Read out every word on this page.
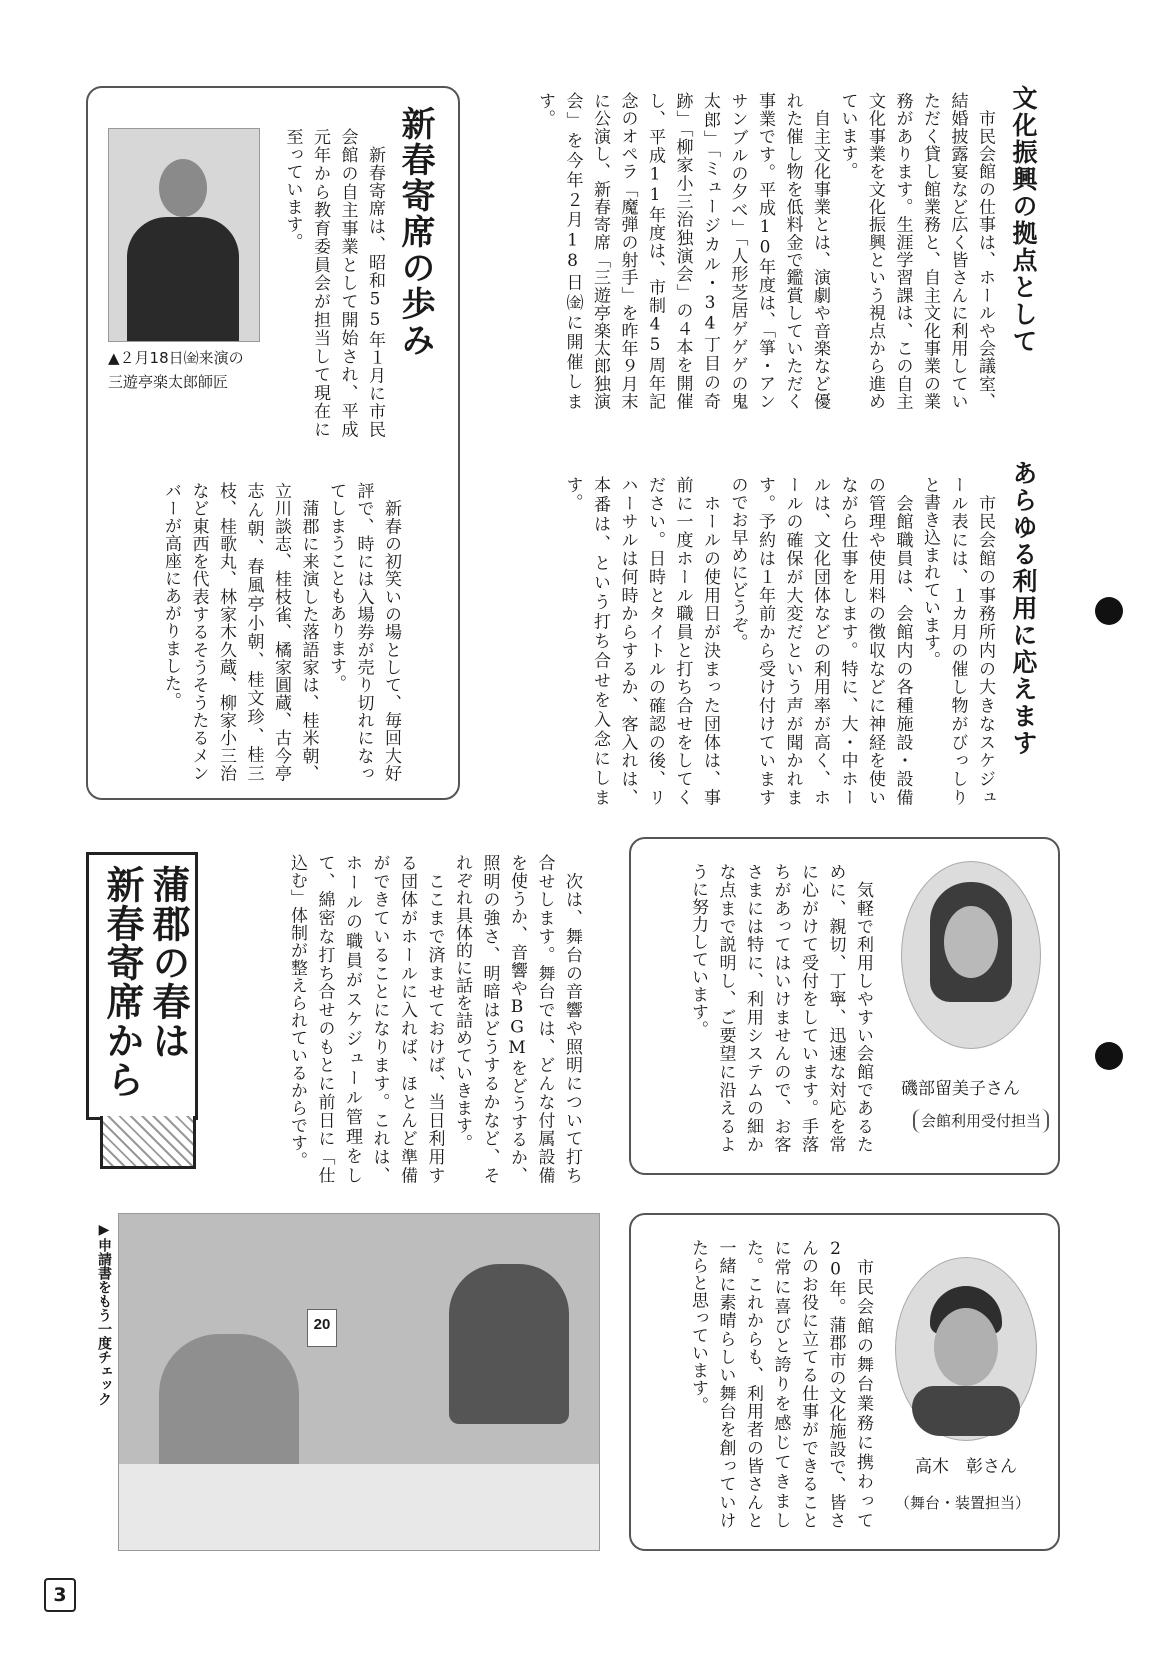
文化振興の拠点として
　市民会館の仕事は、ホールや会議室、結婚披露宴など広く皆さんに利用していただく貸し館業務と、自主文化事業の業務があります。生涯学習課は、この自主文化事業を文化振興という視点から進めています。
　自主文化事業とは、演劇や音楽など優れた催し物を低料金で鑑賞していただく事業です。平成10年度は、「箏・アンサンブルの夕べ」「人形芝居ゲゲゲの鬼太郎」「ミュージカル・34丁目の奇跡」「柳家小三治独演会」の４本を開催し、平成11年度は、市制45周年記念のオペラ「魔弾の射手」を昨年９月末に公演し、新春寄席「三遊亭楽太郎独演会」を今年２月18日㈮に開催します。
あらゆる利用に応えます
　市民会館の事務所内の大きなスケジュール表には、１カ月の催し物がびっしりと書き込まれています。
　会館職員は、会館内の各種施設・設備の管理や使用料の徴収などに神経を使いながら仕事をします。特に、大・中ホールは、文化団体などの利用率が高く、ホールの確保が大変だという声が聞かれます。予約は１年前から受け付けていますのでお早めにどうぞ。
　ホールの使用日が決まった団体は、事前に一度ホール職員と打ち合せをしてください。日時とタイトルの確認の後、リハーサルは何時からするか、客入れは、本番は、という打ち合せを入念にします。
新春寄席の歩み
　新春寄席は、昭和55年１月に市民会館の自主事業として開始され、平成元年から教育委員会が担当して現在に至っています。
▲２月18日㈮来演の三遊亭楽太郎師匠
　新春の初笑いの場として、毎回大好評で、時には入場券が売り切れになってしまうこともあります。
　蒲郡に来演した落語家は、桂米朝、立川談志、桂枝雀、橘家圓蔵、古今亭志ん朝、春風亭小朝、桂文珍、桂三枝、桂歌丸、林家木久蔵、柳家小三治など東西を代表するそうそうたるメンバーが高座にあがりました。
蒲郡の春は
新春寄席から	　次は、舞台の音響や照明について打ち合せします。舞台では、どんな付属設備を使うか、音響やBGMをどうするか、照明の強さ、明暗はどうするかなど、それぞれ具体的に話を詰めていきます。
　ここまで済ませておけば、当日利用する団体がホールに入れば、ほとんど準備ができていることになります。これは、ホールの職員がスケジュール管理をして、綿密な打ち合せのもとに前日に「仕込む」体制が整えられているからです。	　気軽で利用しやすい会館であるために、親切、丁寧、迅速な対応を常に心がけて受付をしています。手落ちがあってはいけませんので、お客さまには特に、利用システムの細かな点まで説明し、ご要望に沿えるように努力しています。
磯部留美子さん
会館利用受付担当
20
▶申請書をもう一度チェック	　市民会館の舞台業務に携わって20年。蒲郡市の文化施設で、皆さんのお役に立てる仕事ができることに常に喜びと誇りを感じてきました。これからも、利用者の皆さんと一緒に素晴らしい舞台を創っていけたらと思っています。
高木　彰さん
（舞台・装置担当）
3
